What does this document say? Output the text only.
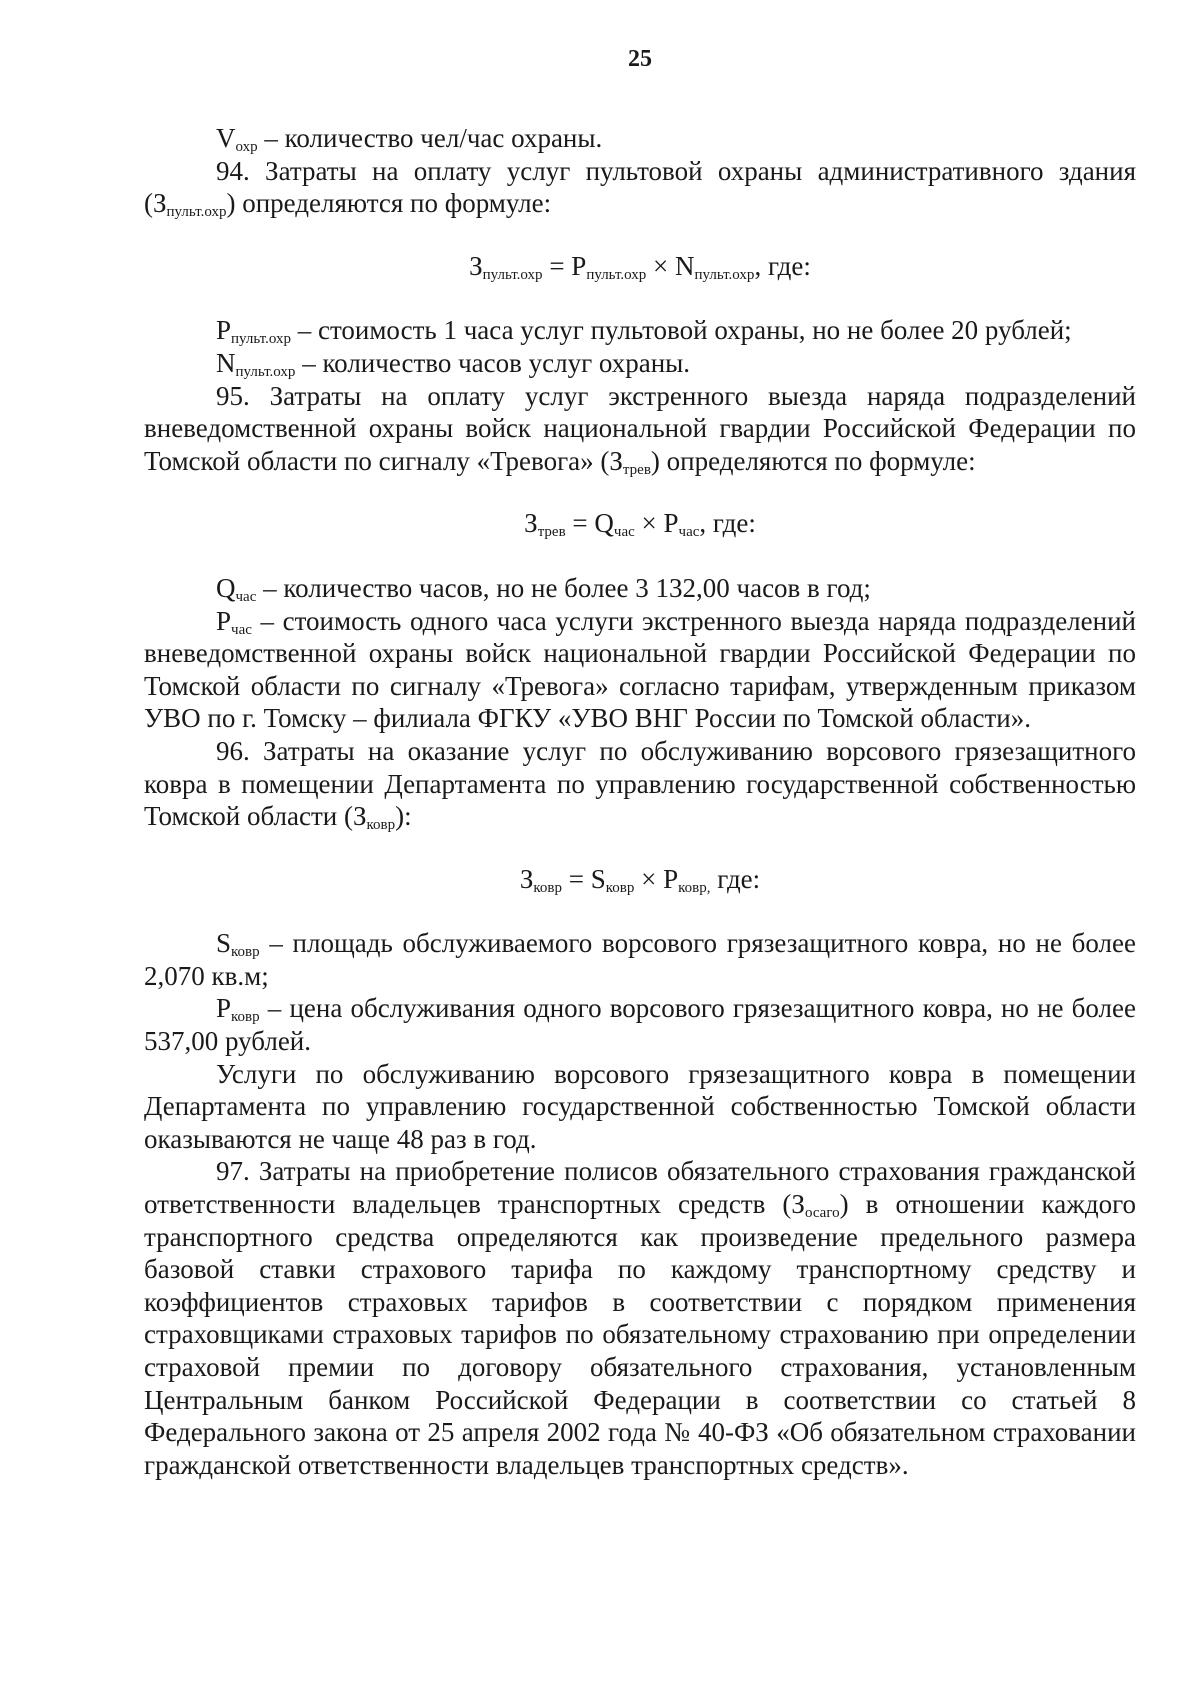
25

$V_{охр}$ – количество чел/час охраны.

94. Затраты на оплату услуг пультовой охраны административного здания $(З_{пульт.охр})$ определяются по формуле:

$З_{пульт.охр} = P_{пульт.охр} \times N_{пульт.охр}$, где:

$P_{пульт.охр}$ – стоимость 1 часа услуг пультовой охраны, но не более 20 рублей;

$N_{пульт.охр}$ – количество часов услуг охраны.

95. Затраты на оплату услуг экстренного выезда наряда подразделений вневедомственной охраны войск национальной гвардии Российской Федерации по Томской области по сигналу «Тревога» $(З_{трев})$ определяются по формуле:

$З_{трев} = Q_{час} \times P_{час}$, где:

$Q_{час}$ – количество часов, но не более 3 132,00 часов в год;

$P_{час}$ – стоимость одного часа услуги экстренного выезда наряда подразделений вневедомственной охраны войск национальной гвардии Российской Федерации по Томской области по сигналу «Тревога» согласно тарифам, утвержденным приказом УВО по г. Томску – филиала ФГКУ «УВО ВНГ России по Томской области».

96. Затраты на оказание услуг по обслуживанию ворсового грязезащитного ковра в помещении Департамента по управлению государственной собственностью Томской области $(З_{ковр})$:

$З_{ковр} = S_{ковр} \times P_{ковр,}$ где:

$S_{ковр}$ – площадь обслуживаемого ворсового грязезащитного ковра, но не более 2,070 кв.м;

$P_{ковр}$ – цена обслуживания одного ворсового грязезащитного ковра, но не более 537,00 рублей.

Услуги по обслуживанию ворсового грязезащитного ковра в помещении Департамента по управлению государственной собственностью Томской области оказываются не чаще 48 раз в год.

97. Затраты на приобретение полисов обязательного страхования гражданской ответственности владельцев транспортных средств $(З_{осаго})$ в отношении каждого транспортного средства определяются как произведение предельного размера базовой ставки страхового тарифа по каждому транспортному средству и коэффициентов страховых тарифов в соответствии с порядком применения страховщиками страховых тарифов по обязательному страхованию при определении страховой премии по договору обязательного страхования, установленным Центральным банком Российской Федерации в соответствии со статьей 8 Федерального закона от 25 апреля 2002 года № 40-ФЗ «Об обязательном страховании гражданской ответственности владельцев транспортных средств».
